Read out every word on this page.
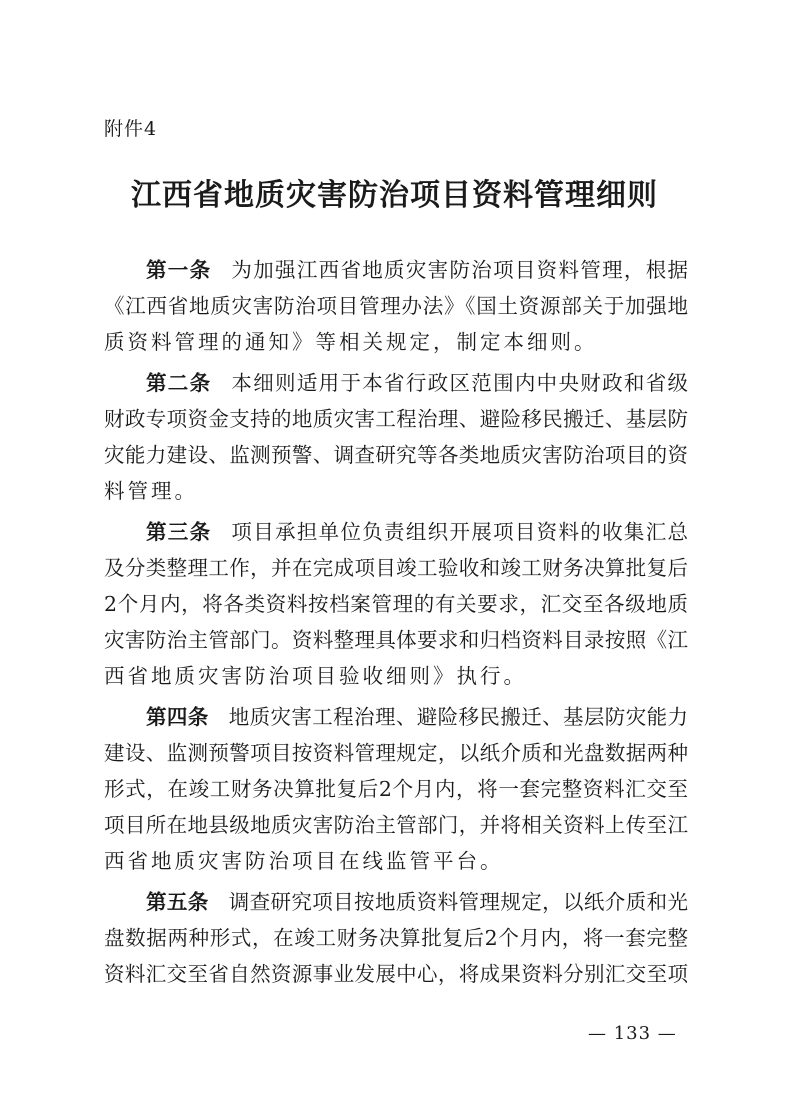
附件4
江西省地质灾害防治项目资料管理细则
第一条 为加强江西省地质灾害防治项目资料管理，根据
《江西省地质灾害防治项目管理办法》《国土资源部关于加强地
质资料管理的通知》等相关规定，制定本细则。
第二条 本细则适用于本省行政区范围内中央财政和省级
财政专项资金支持的地质灾害工程治理、避险移民搬迁、基层防
灾能力建设、监测预警、调查研究等各类地质灾害防治项目的资
料管理。
第三条 项目承担单位负责组织开展项目资料的收集汇总
及分类整理工作，并在完成项目竣工验收和竣工财务决算批复后
2个月内，将各类资料按档案管理的有关要求，汇交至各级地质
灾害防治主管部门。资料整理具体要求和归档资料目录按照《江
西省地质灾害防治项目验收细则》执行。
第四条 地质灾害工程治理、避险移民搬迁、基层防灾能力
建设、监测预警项目按资料管理规定，以纸介质和光盘数据两种
形式，在竣工财务决算批复后2个月内，将一套完整资料汇交至
项目所在地县级地质灾害防治主管部门，并将相关资料上传至江
西省地质灾害防治项目在线监管平台。
第五条 调查研究项目按地质资料管理规定，以纸介质和光
盘数据两种形式，在竣工财务决算批复后2个月内，将一套完整
资料汇交至省自然资源事业发展中心，将成果资料分别汇交至项
— 133 —
